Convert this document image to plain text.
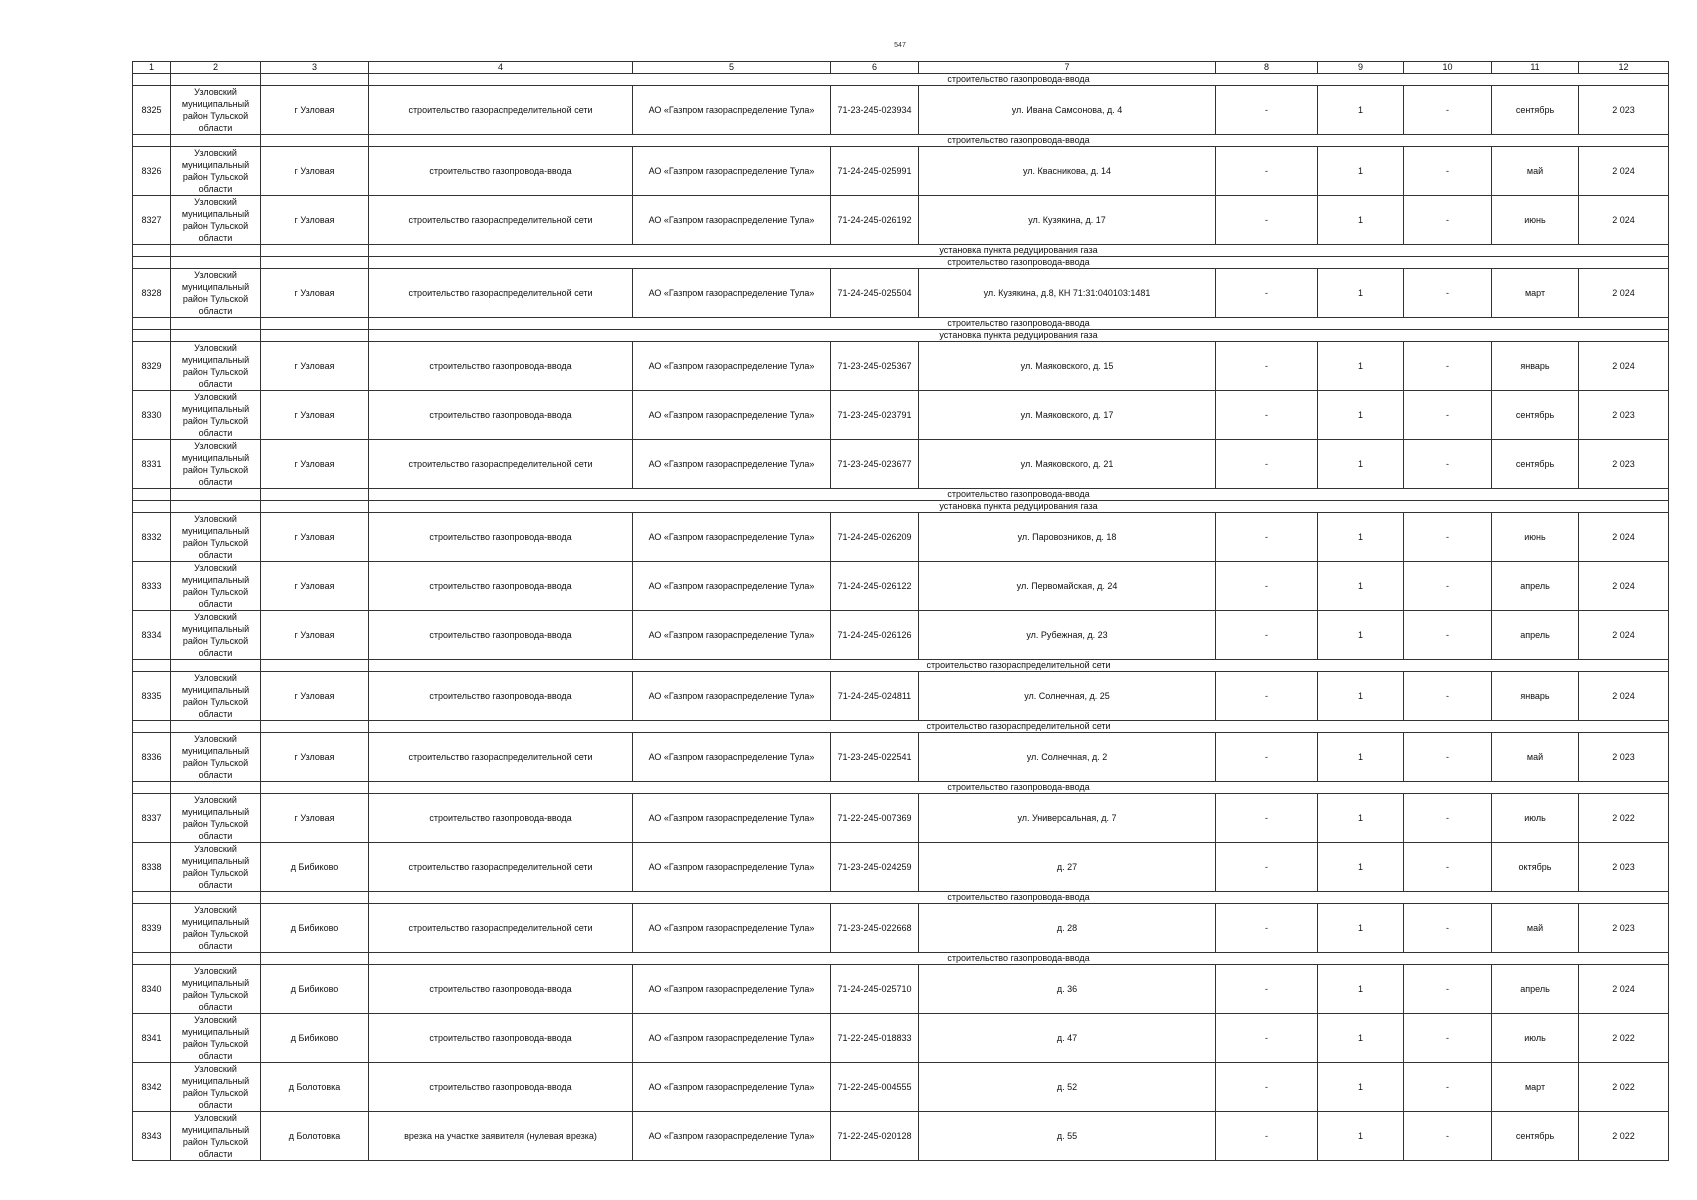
547
1	2	3	4	5	6	7	8	9	10	11	12
			строительство газопровода-ввода								
8325	Узловский муниципальный район Тульской области	г Узловая	строительство газораспределительной сети	АО «Газпром газораспределение Тула»	71-23-245-023934	ул. Ивана Самсонова, д. 4	-	1	-	сентябрь	2 023
			строительство газопровода-ввода								
8326	Узловский муниципальный район Тульской области	г Узловая	строительство газопровода-ввода	АО «Газпром газораспределение Тула»	71-24-245-025991	ул. Квасникова, д. 14	-	1	-	май	2 024
8327	Узловский муниципальный район Тульской области	г Узловая	строительство газораспределительной сети	АО «Газпром газораспределение Тула»	71-24-245-026192	ул. Кузякина, д. 17	-	1	-	июнь	2 024
			установка пункта редуцирования газа								
			строительство газопровода-ввода								
8328	Узловский муниципальный район Тульской области	г Узловая	строительство газораспределительной сети	АО «Газпром газораспределение Тула»	71-24-245-025504	ул. Кузякина, д.8, КН 71:31:040103:1481	-	1	-	март	2 024
			строительство газопровода-ввода								
			установка пункта редуцирования газа								
8329	Узловский муниципальный район Тульской области	г Узловая	строительство газопровода-ввода	АО «Газпром газораспределение Тула»	71-23-245-025367	ул. Маяковского, д. 15	-	1	-	январь	2 024
8330	Узловский муниципальный район Тульской области	г Узловая	строительство газопровода-ввода	АО «Газпром газораспределение Тула»	71-23-245-023791	ул. Маяковского, д. 17	-	1	-	сентябрь	2 023
8331	Узловский муниципальный район Тульской области	г Узловая	строительство газораспределительной сети	АО «Газпром газораспределение Тула»	71-23-245-023677	ул. Маяковского, д. 21	-	1	-	сентябрь	2 023
			строительство газопровода-ввода								
			установка пункта редуцирования газа								
8332	Узловский муниципальный район Тульской области	г Узловая	строительство газопровода-ввода	АО «Газпром газораспределение Тула»	71-24-245-026209	ул. Паровозников, д. 18	-	1	-	июнь	2 024
8333	Узловский муниципальный район Тульской области	г Узловая	строительство газопровода-ввода	АО «Газпром газораспределение Тула»	71-24-245-026122	ул. Первомайская, д. 24	-	1	-	апрель	2 024
8334	Узловский муниципальный район Тульской области	г Узловая	строительство газопровода-ввода	АО «Газпром газораспределение Тула»	71-24-245-026126	ул. Рубежная, д. 23	-	1	-	апрель	2 024
			строительство газораспределительной сети								
8335	Узловский муниципальный район Тульской области	г Узловая	строительство газопровода-ввода	АО «Газпром газораспределение Тула»	71-24-245-024811	ул. Солнечная, д. 25	-	1	-	январь	2 024
			строительство газораспределительной сети								
8336	Узловский муниципальный район Тульской области	г Узловая	строительство газораспределительной сети	АО «Газпром газораспределение Тула»	71-23-245-022541	ул. Солнечная, д. 2	-	1	-	май	2 023
			строительство газопровода-ввода								
8337	Узловский муниципальный район Тульской области	г Узловая	строительство газопровода-ввода	АО «Газпром газораспределение Тула»	71-22-245-007369	ул. Универсальная, д. 7	-	1	-	июль	2 022
8338	Узловский муниципальный район Тульской области	д Бибиково	строительство газораспределительной сети	АО «Газпром газораспределение Тула»	71-23-245-024259	д. 27	-	1	-	октябрь	2 023
			строительство газопровода-ввода								
8339	Узловский муниципальный район Тульской области	д Бибиково	строительство газораспределительной сети	АО «Газпром газораспределение Тула»	71-23-245-022668	д. 28	-	1	-	май	2 023
			строительство газопровода-ввода								
8340	Узловский муниципальный район Тульской области	д Бибиково	строительство газопровода-ввода	АО «Газпром газораспределение Тула»	71-24-245-025710	д. 36	-	1	-	апрель	2 024
8341	Узловский муниципальный район Тульской области	д Бибиково	строительство газопровода-ввода	АО «Газпром газораспределение Тула»	71-22-245-018833	д. 47	-	1	-	июль	2 022
8342	Узловский муниципальный район Тульской области	д Болотовка	строительство газопровода-ввода	АО «Газпром газораспределение Тула»	71-22-245-004555	д. 52	-	1	-	март	2 022
8343	Узловский муниципальный район Тульской области	д Болотовка	врезка на участке заявителя (нулевая врезка)	АО «Газпром газораспределение Тула»	71-22-245-020128	д. 55	-	1	-	сентябрь	2 022
